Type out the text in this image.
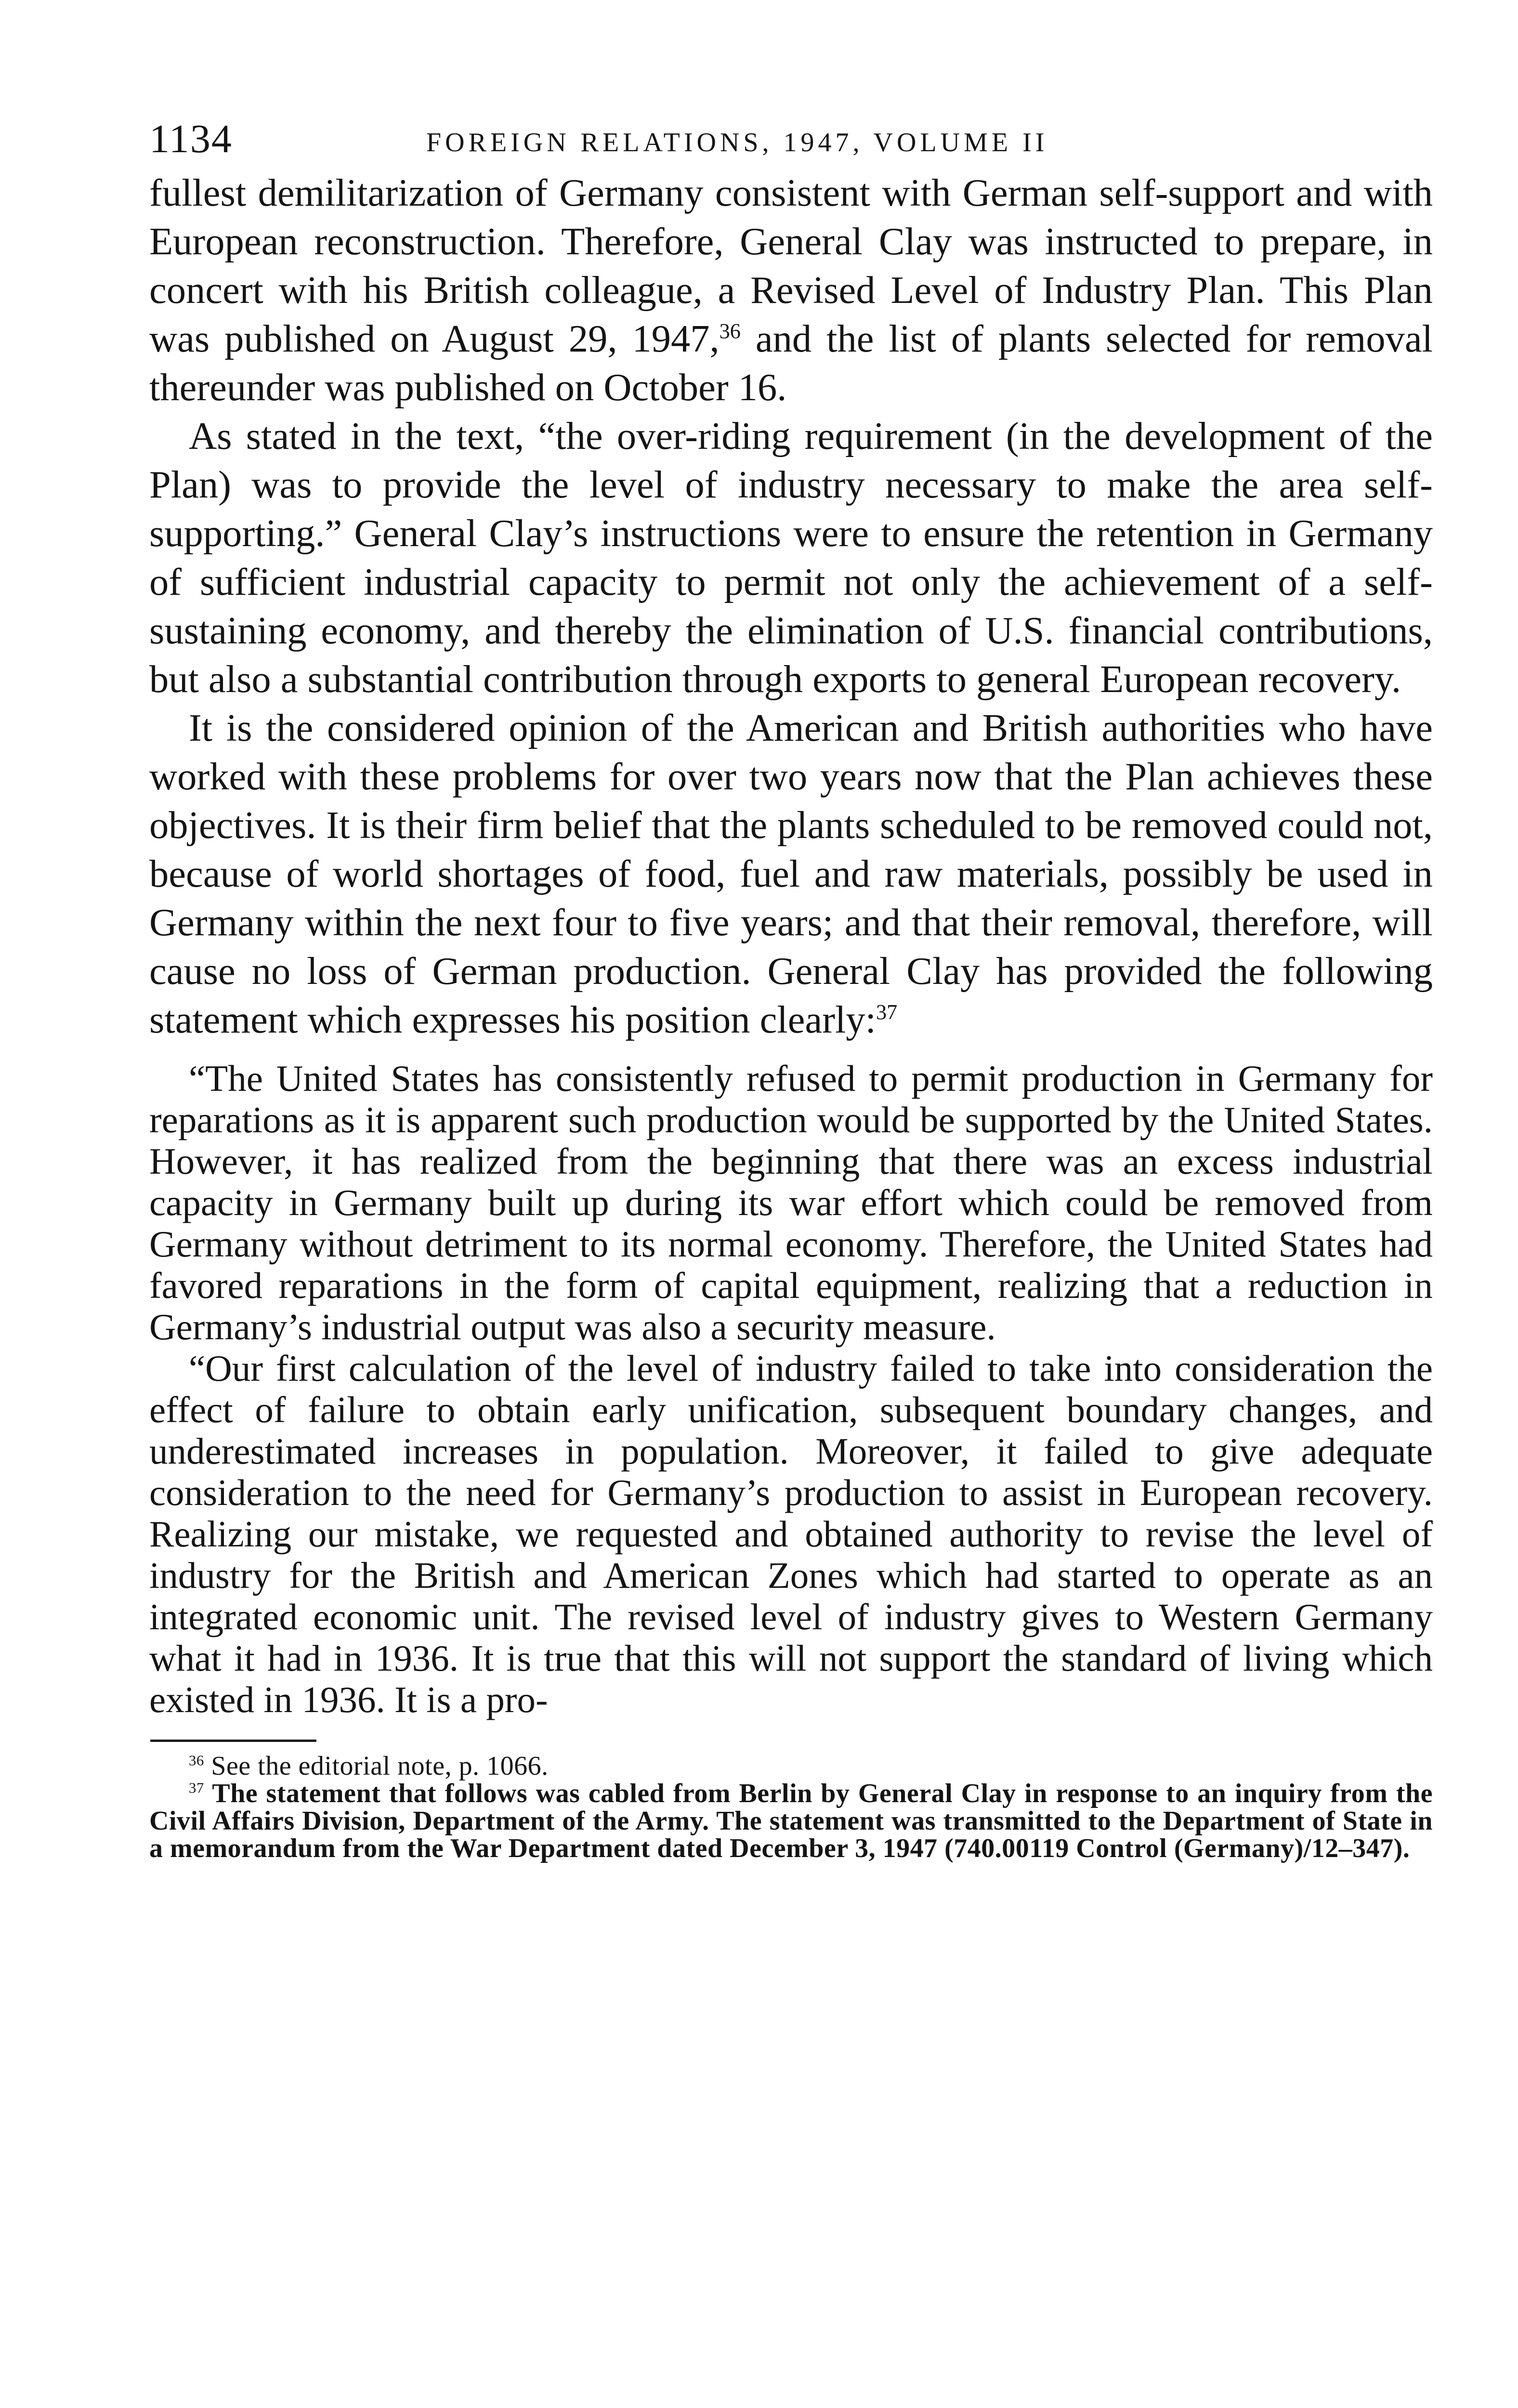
1134	FOREIGN RELATIONS, 1947, VOLUME II

fullest demilitarization of Germany consistent with German self-support and with European reconstruction. Therefore, General Clay was instructed to prepare, in concert with his British colleague, a Revised Level of Industry Plan. This Plan was published on August 29, 1947,36 and the list of plants selected for removal thereunder was published on October 16.

As stated in the text, “the over-riding requirement (in the development of the Plan) was to provide the level of industry necessary to make the area self-supporting.” General Clay’s instructions were to ensure the retention in Germany of sufficient industrial capacity to permit not only the achievement of a self-sustaining economy, and thereby the elimination of U.S. financial contributions, but also a substantial contribution through exports to general European recovery.

It is the considered opinion of the American and British authorities who have worked with these problems for over two years now that the Plan achieves these objectives. It is their firm belief that the plants scheduled to be removed could not, because of world shortages of food, fuel and raw materials, possibly be used in Germany within the next four to five years; and that their removal, therefore, will cause no loss of German production. General Clay has provided the following statement which expresses his position clearly:$^{37}$

“The United States has consistently refused to permit production in Germany for reparations as it is apparent such production would be supported by the United States. However, it has realized from the beginning that there was an excess industrial capacity in Germany built up during its war effort which could be removed from Germany without detriment to its normal economy. Therefore, the United States had favored reparations in the form of capital equipment, realizing that a reduction in Germany’s industrial output was also a security measure.

“Our first calculation of the level of industry failed to take into consideration the effect of failure to obtain early unification, subsequent boundary changes, and underestimated increases in population. Moreover, it failed to give adequate consideration to the need for Germany’s production to assist in European recovery. Realizing our mistake, we requested and obtained authority to revise the level of industry for the British and American Zones which had started to operate as an integrated economic unit. The revised level of industry gives to Western Germany what it had in 1936. It is true that this will not support the standard of living which existed in 1936. It is a pro-

$^{36}$ See the editorial note, p. 1066.

$^{37}$ The statement that follows was cabled from Berlin by General Clay in response to an inquiry from the Civil Affairs Division, Department of the Army. The statement was transmitted to the Department of State in a memorandum from the War Department dated December 3, 1947 (740.00119 Control (Germany)/12–347).
